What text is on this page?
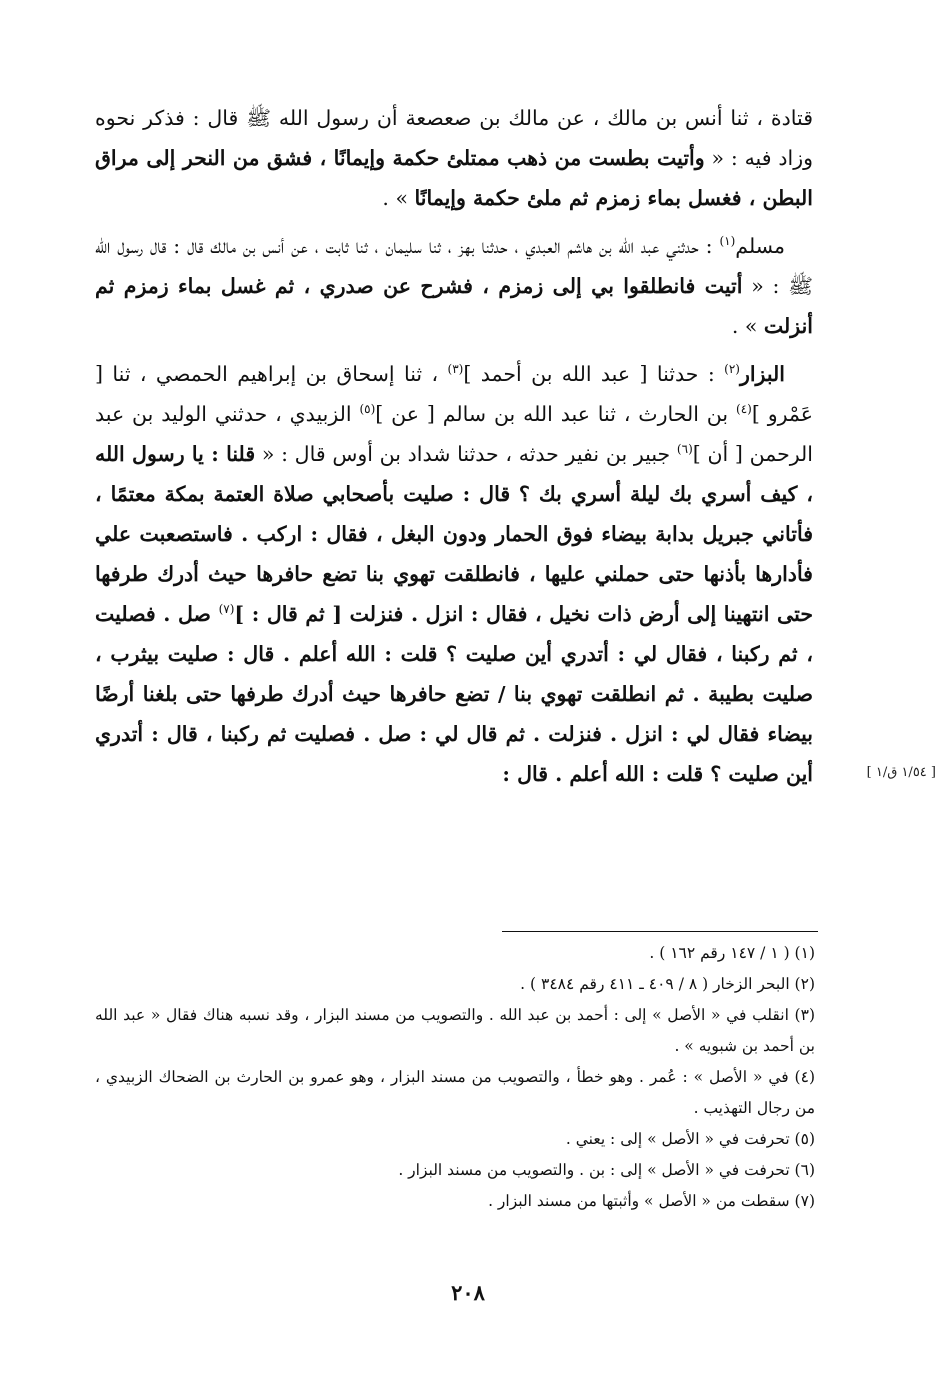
قتادة ، ثنا أنس بن مالك ، عن مالك بن صعصعة أن رسول الله ﷺ قال : فذكر نحوه وزاد فيه : « وأتيت بطست من ذهب ممتلئ حكمة وإيمانًا ، فشق من النحر إلى مراق البطن ، فغسل بماء زمزم ثم ملئ حكمة وإيمانًا » .

مسلم$^{(١)}$ : حدثني عبد الله بن هاشم العبدي ، حدثنا بهز ، ثنا سليمان ، ثنا ثابت ، عن أنس بن مالك قال : قال رسول الله ﷺ : « أتيت فانطلقوا بي إلى زمزم ، فشرح عن صدري ، ثم غسل بماء زمزم ثم أنزلت » .

البزار$^{(٢)}$ : حدثنا [ عبد الله بن أحمد ]$^{(٣)}$ ، ثنا إسحاق بن إبراهيم الحمصي ، ثنا [ عَمْرو ]$^{(٤)}$ بن الحارث ، ثنا عبد الله بن سالم [ عن ]$^{(٥)}$ الزبيدي ، حدثني الوليد بن عبد الرحمن [ أن ]$^{(٦)}$ جبير بن نفير حدثه ، حدثنا شداد بن أوس قال : « قلنا : يا رسول الله ، كيف أسري بك ليلة أسري بك ؟ قال : صليت بأصحابي صلاة العتمة بمكة معتمًا ، فأتاني جبريل بدابة بيضاء فوق الحمار ودون البغل ، فقال : اركب . فاستصعبت علي فأدارها بأذنها حتى حملني عليها ، فانطلقت تهوي بنا تضع حافرها حيث أدرك طرفها حتى انتهينا إلى أرض ذات نخيل ، فقال : انزل . فنزلت [ ثم قال : ]$^{(٧)}$ صل . فصليت ، ثم ركبنا ، فقال لي : أتدري أين صليت ؟ قلت : الله أعلم . قال : صليت بيثرب ، صليت بطيبة . ثم انطلقت تهوي بنا / تضع حافرها حيث أدرك طرفها حتى بلغنا أرضًا بيضاء فقال لي : انزل . فنزلت . ثم قال لي : صل . فصليت ثم ركبنا ، قال : أتدري أين صليت ؟ قلت : الله أعلم . قال :	[ ١/٥٤ ق/١ ]

(١) ( ١ / ١٤٧ رقم ١٦٢ ) .

(٢) البحر الزخار ( ٨ / ٤٠٩ ـ ٤١١ رقم ٣٤٨٤ ) .

(٣) انقلب في « الأصل » إلى : أحمد بن عبد الله . والتصويب من مسند البزار ، وقد نسبه هناك فقال « عبد الله بن أحمد بن شبويه » .

(٤) في « الأصل » : عُمر . وهو خطأ ، والتصويب من مسند البزار ، وهو عمرو بن الحارث بن الضحاك الزبيدي ، من رجال التهذيب .

(٥) تحرفت في « الأصل » إلى : يعني .

(٦) تحرفت في « الأصل » إلى : بن . والتصويب من مسند البزار .

(٧) سقطت من « الأصل » وأثبتها من مسند البزار .

٢٠٨
